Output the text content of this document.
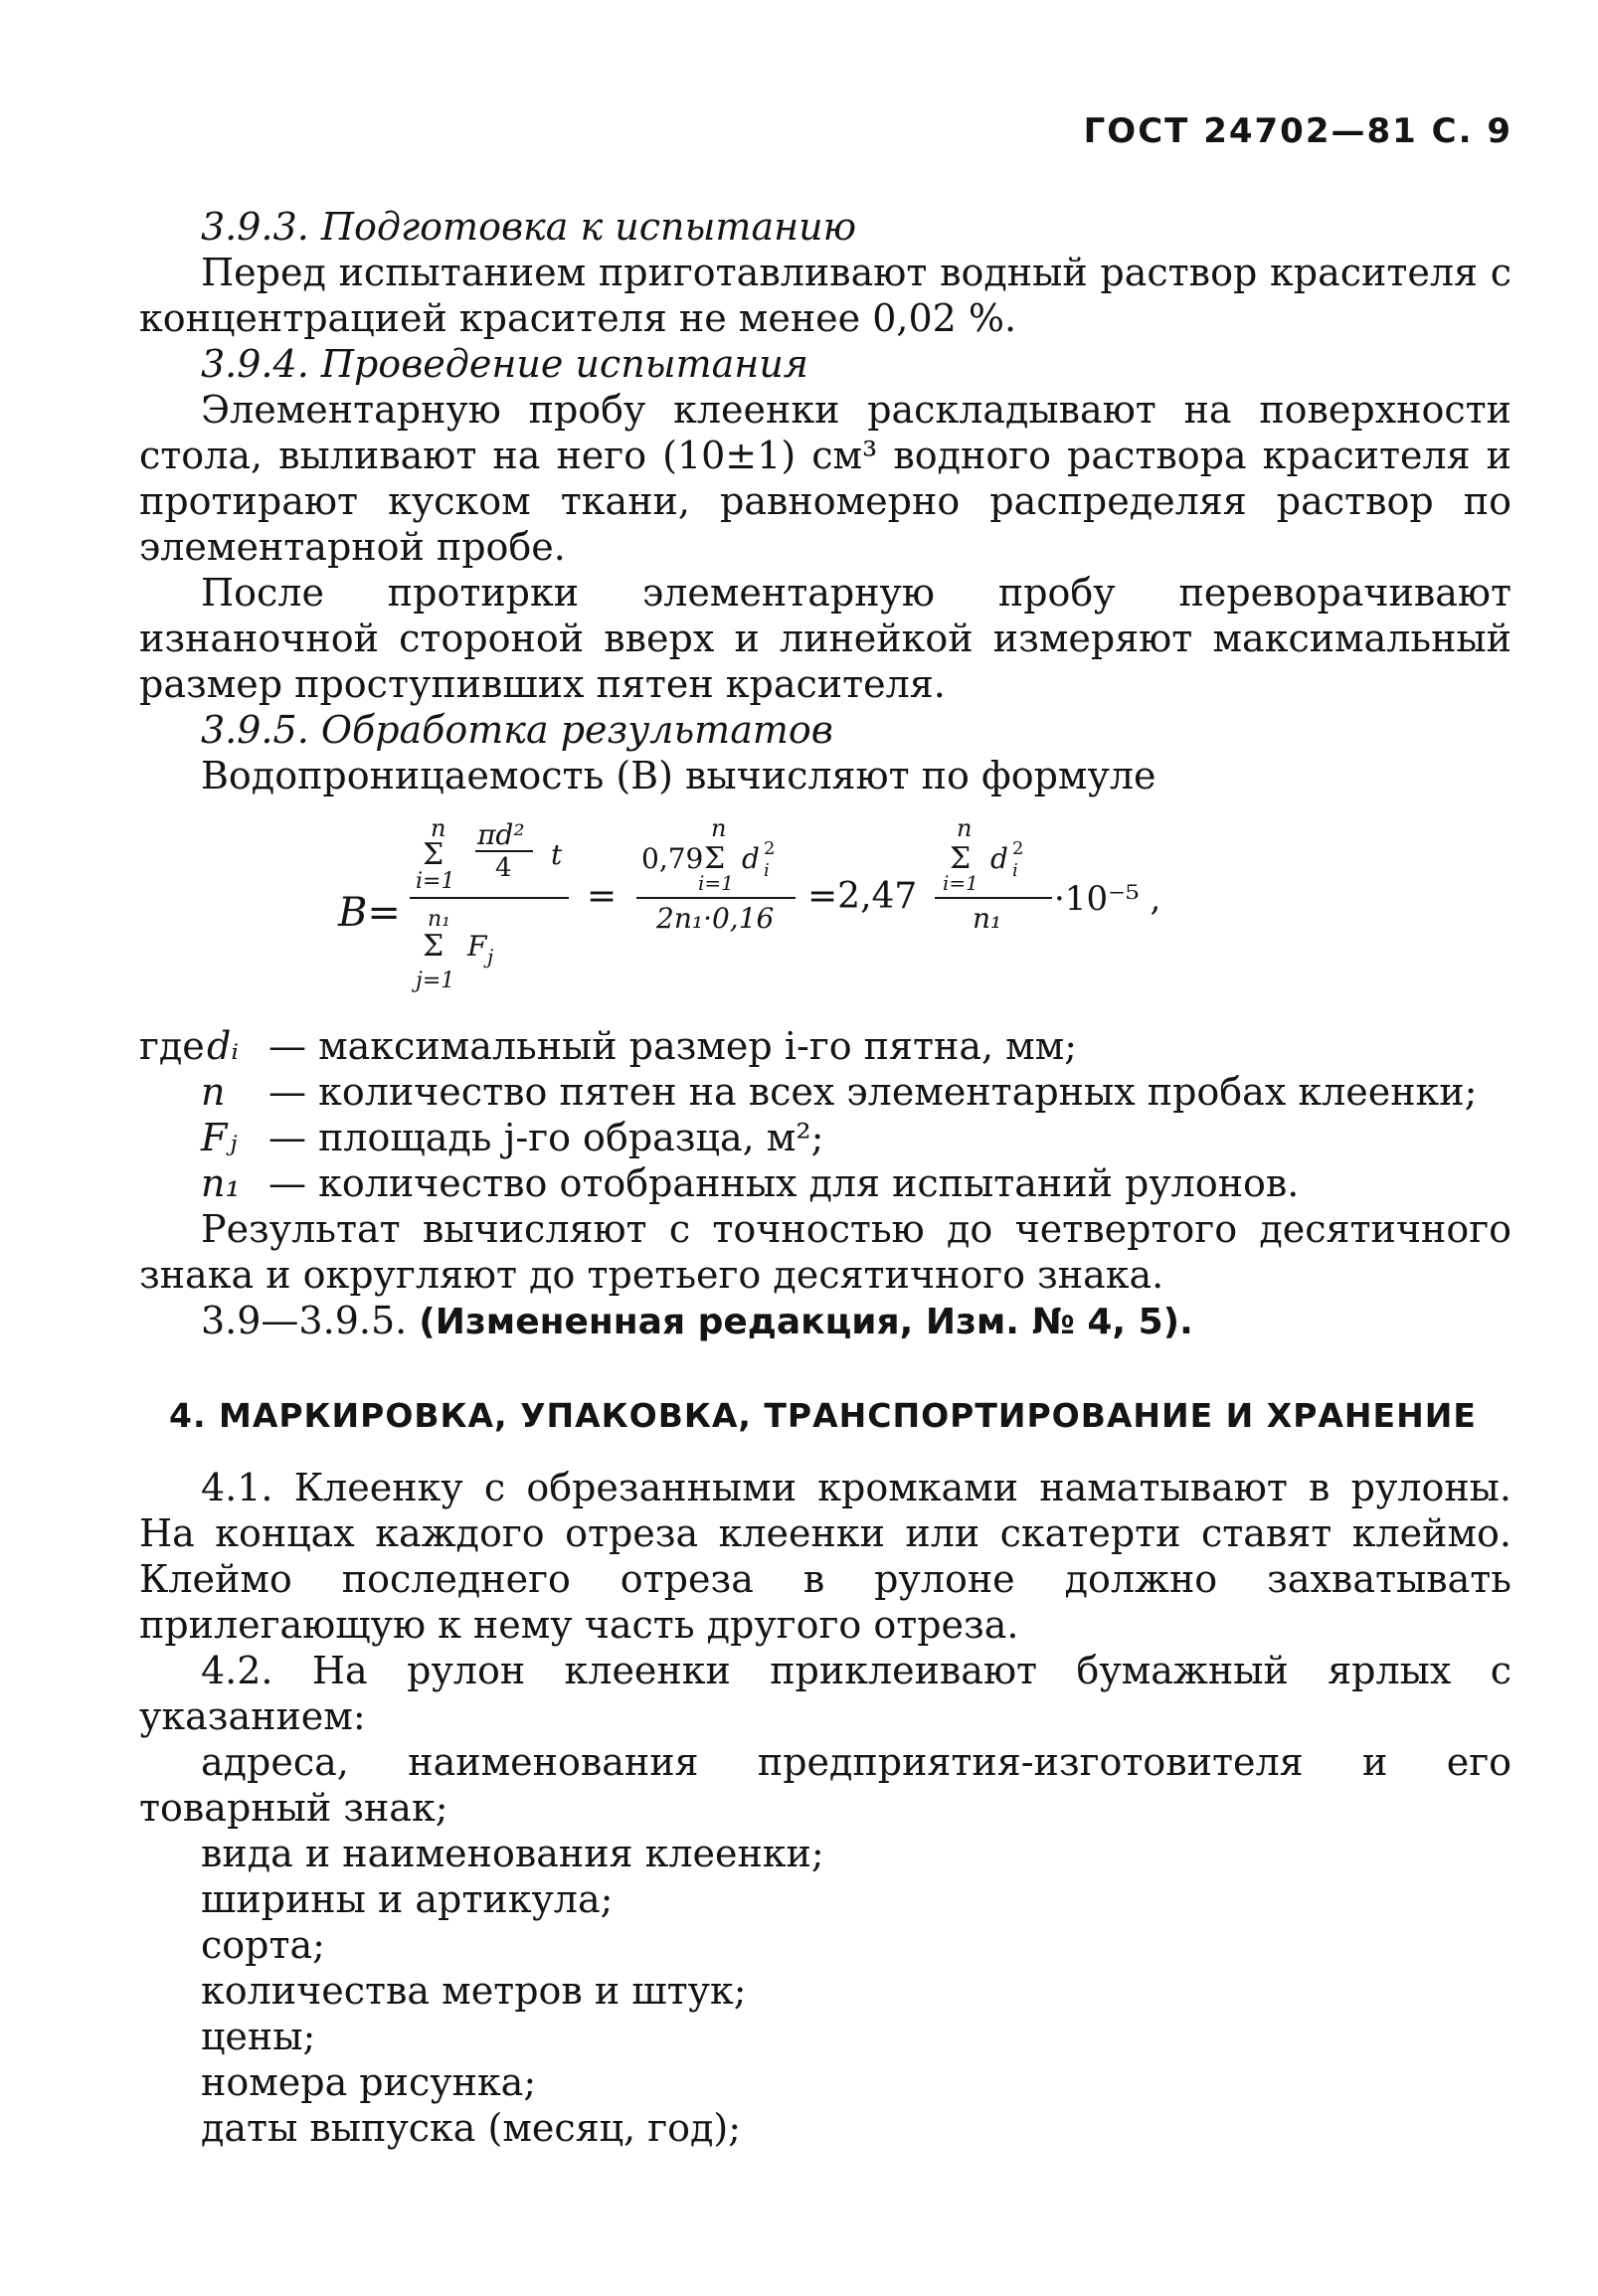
ГОСТ 24702—81 С. 9

3.9.3. Подготовка к испытанию

Перед испытанием приготавливают водный раствор красителя с концентрацией красителя не менее 0,02 %.

3.9.4. Проведение испытания

Элементарную пробу клеенки раскладывают на поверхности стола, выливают на него (10±1) см³ водного раствора красителя и протирают куском ткани, равномерно распределяя раствор по элементарной пробе.

После протирки элементарную пробу переворачивают изнаночной стороной вверх и линейкой измеряют максимальный размер проступивших пятен красителя.

3.9.5. Обработка результатов

Водопроницаемость (B) вычисляют по формуле

B=
n
Σ
i=1
πd²
4 t
n₁
Σ F j
j=1
=
n
0,79 Σ d 2
i
i=1
2n₁·0,16
=2,47
n
Σ d 2
i
i=1
n₁ ·10⁻⁵ ,
где dᵢ — максимальный размер i-го пятна, мм;
n	— количество пятен на всех элементарных пробах клеенки;
Fⱼ — площадь j-го образца, м²;
n₁ — количество отобранных для испытаний рулонов.

Результат вычисляют с точностью до четвертого десятичного знака и округляют до третьего десятичного знака.

3.9—3.9.5. (Измененная редакция, Изм. № 4, 5).

4. МАРКИРОВКА, УПАКОВКА, ТРАНСПОРТИРОВАНИЕ И ХРАНЕНИЕ

4.1. Клеенку с обрезанными кромками наматывают в рулоны. На концах каждого отреза клеенки или скатерти ставят клеймо. Клеймо последнего отреза в рулоне должно захватывать прилегающую к нему часть другого отреза.

4.2. На рулон клеенки приклеивают бумажный ярлых с указанием:

адреса, наименования предприятия-изготовителя и его товарный знак;

вида и наименования клеенки;

ширины и артикула;

сорта;

количества метров и штук;

цены;

номера рисунка;

даты выпуска (месяц, год);
